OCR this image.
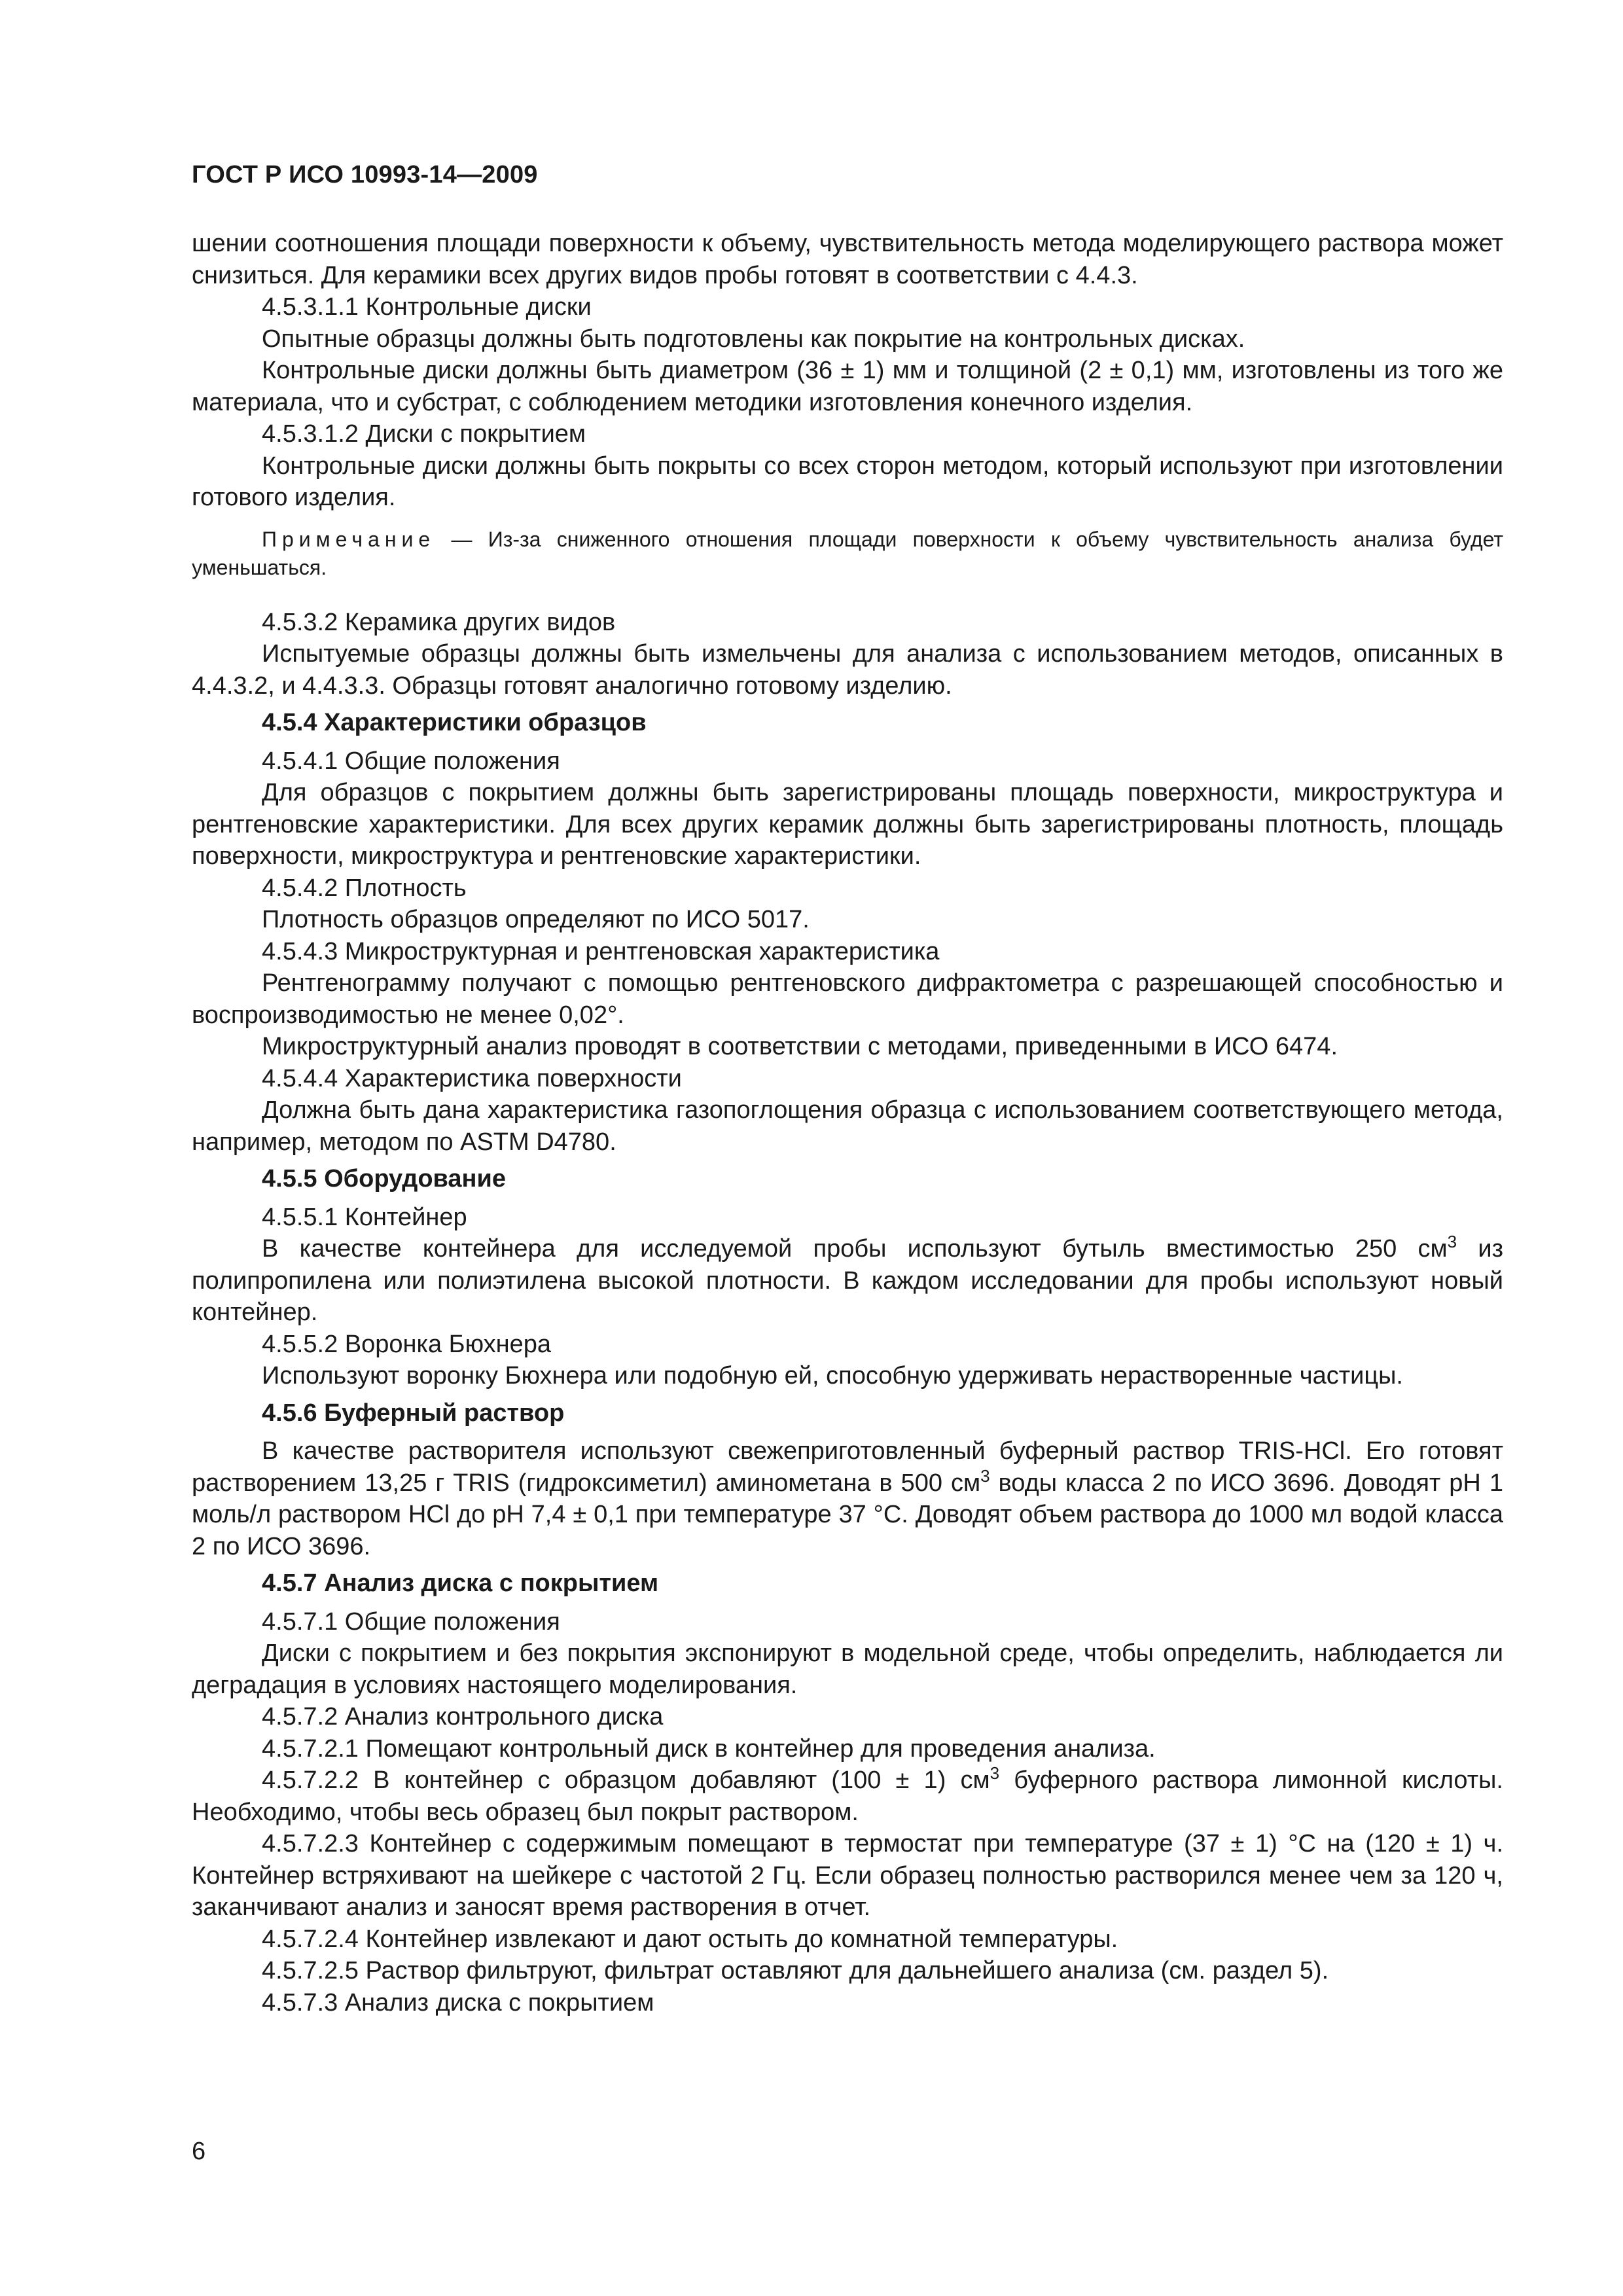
ГОСТ Р ИСО 10993-14—2009

шении соотношения площади поверхности к объему, чувствительность метода моделирующего раствора может снизиться. Для керамики всех других видов пробы готовят в соответствии с 4.4.3.

4.5.3.1.1 Контрольные диски

Опытные образцы должны быть подготовлены как покрытие на контрольных дисках.

Контрольные диски должны быть диаметром (36 ± 1) мм и толщиной (2 ± 0,1) мм, изготовлены из того же материала, что и субстрат, с соблюдением методики изготовления конечного изделия.

4.5.3.1.2 Диски с покрытием

Контрольные диски должны быть покрыты со всех сторон методом, который используют при изготовлении готового изделия.

Примечание — Из-за сниженного отношения площади поверхности к объему чувствительность анализа будет уменьшаться.

4.5.3.2 Керамика других видов

Испытуемые образцы должны быть измельчены для анализа с использованием методов, описанных в 4.4.3.2, и 4.4.3.3. Образцы готовят аналогично готовому изделию.

4.5.4 Характеристики образцов

4.5.4.1 Общие положения

Для образцов с покрытием должны быть зарегистрированы площадь поверхности, микроструктура и рентгеновские характеристики. Для всех других керамик должны быть зарегистрированы плотность, площадь поверхности, микроструктура и рентгеновские характеристики.

4.5.4.2 Плотность

Плотность образцов определяют по ИСО 5017.

4.5.4.3 Микроструктурная и рентгеновская характеристика

Рентгенограмму получают с помощью рентгеновского дифрактометра с разрешающей способностью и воспроизводимостью не менее 0,02°.

Микроструктурный анализ проводят в соответствии с методами, приведенными в ИСО 6474.

4.5.4.4 Характеристика поверхности

Должна быть дана характеристика газопоглощения образца с использованием соответствующего метода, например, методом по ASTM D4780.

4.5.5 Оборудование

4.5.5.1 Контейнер

В качестве контейнера для исследуемой пробы используют бутыль вместимостью 250 $см^3$ из полипропилена или полиэтилена высокой плотности. В каждом исследовании для пробы используют новый контейнер.

4.5.5.2 Воронка Бюхнера

Используют воронку Бюхнера или подобную ей, способную удерживать нерастворенные частицы.

4.5.6 Буферный раствор

В качестве растворителя используют свежеприготовленный буферный раствор TRIS-HCl. Его готовят растворением 13,25 г TRIS (гидроксиметил) аминометана в 500 $см^3$ воды класса 2 по ИСО 3696. Доводят pH 1 моль/л раствором HCl до pH 7,4 ± 0,1 при температуре 37 °С. Доводят объем раствора до 1000 мл водой класса 2 по ИСО 3696.

4.5.7 Анализ диска с покрытием

4.5.7.1 Общие положения

Диски с покрытием и без покрытия экспонируют в модельной среде, чтобы определить, наблюдается ли деградация в условиях настоящего моделирования.

4.5.7.2 Анализ контрольного диска

4.5.7.2.1 Помещают контрольный диск в контейнер для проведения анализа.

4.5.7.2.2 В контейнер с образцом добавляют (100 ± 1) $см^3$ буферного раствора лимонной кислоты. Необходимо, чтобы весь образец был покрыт раствором.

4.5.7.2.3 Контейнер с содержимым помещают в термостат при температуре (37 ± 1) °С на (120 ± 1) ч. Контейнер встряхивают на шейкере с частотой 2 Гц. Если образец полностью растворился менее чем за 120 ч, заканчивают анализ и заносят время растворения в отчет.

4.5.7.2.4 Контейнер извлекают и дают остыть до комнатной температуры.

4.5.7.2.5 Раствор фильтруют, фильтрат оставляют для дальнейшего анализа (см. раздел 5).

4.5.7.3 Анализ диска с покрытием

6
